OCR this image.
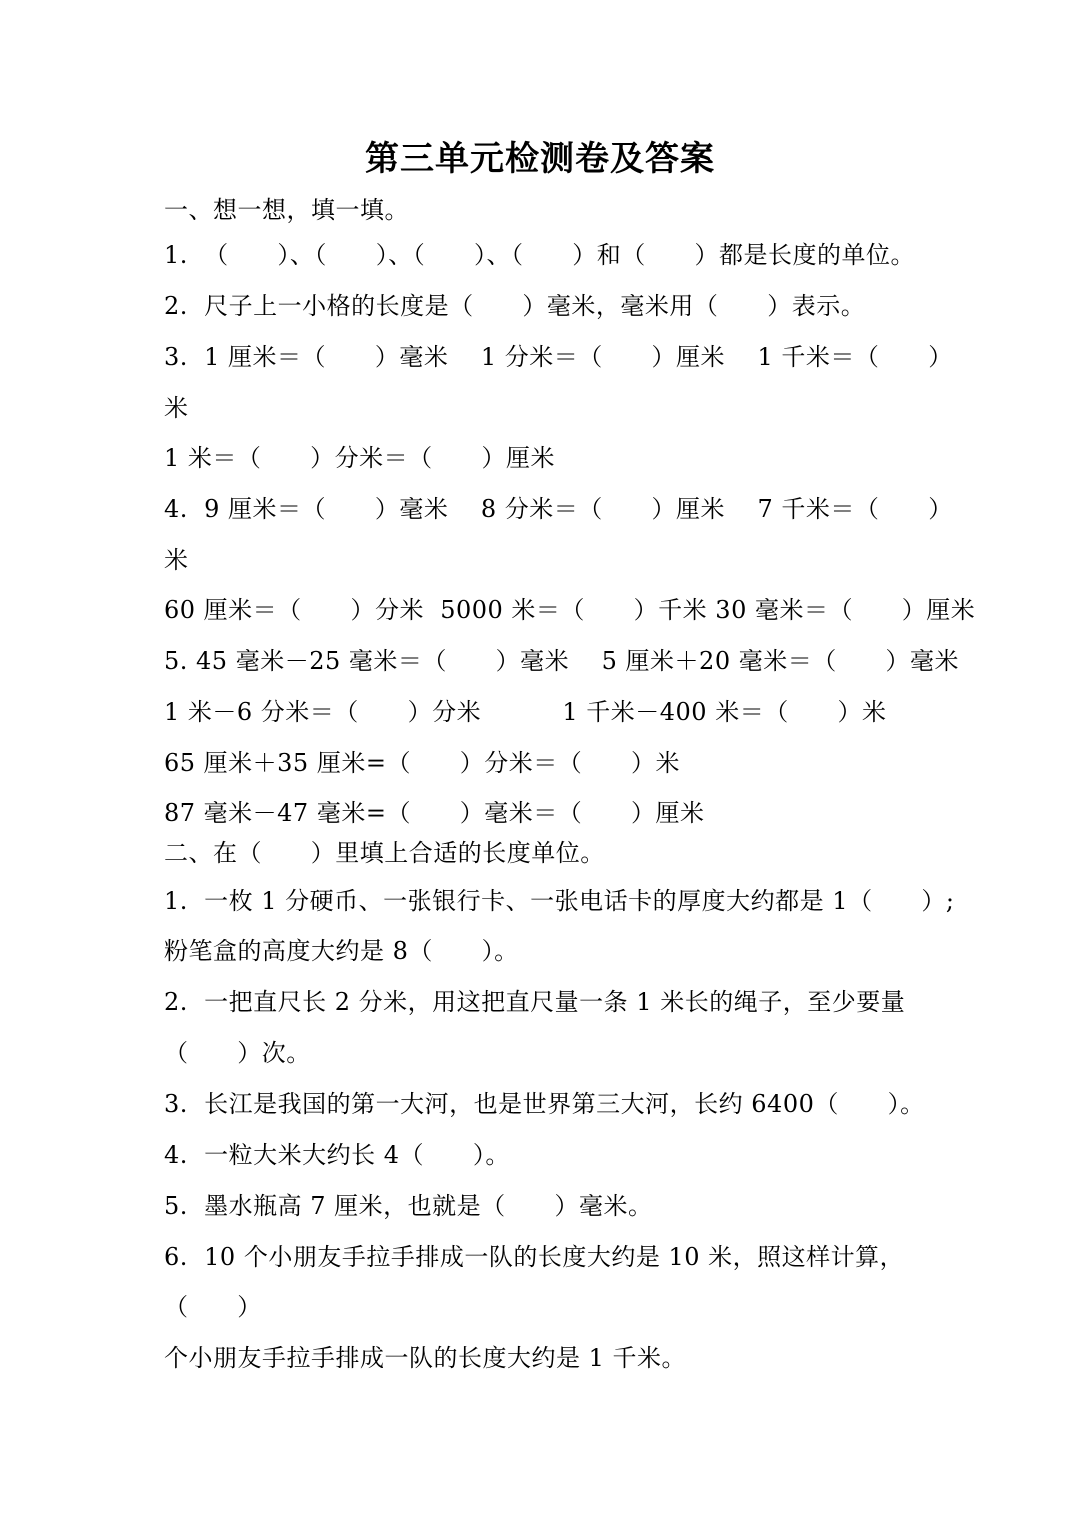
第三单元检测卷及答案
一、想一想，填一填。
1.  （      ）、（      ）、（      ）、（      ）和（      ）都是长度的单位。
2.  尺子上一小格的长度是（      ）毫米，毫米用（      ）表示。
3.  1 厘米＝（      ）毫米    1 分米＝（      ）厘米    1 千米＝（      ）
米
1 米＝（      ）分米＝（      ）厘米
4.  9 厘米＝（      ）毫米    8 分米＝（      ）厘米    7 千米＝（      ）
米
60 厘米＝（      ）分米  5000 米＝（      ）千米 30 毫米＝（      ）厘米
5. 45 毫米－25 毫米＝（      ）毫米    5 厘米＋20 毫米＝（      ）毫米
1 米－6 分米＝（      ）分米          1 千米－400 米＝（      ）米
65 厘米＋35 厘米=（      ）分米＝（      ）米
87 毫米－47 毫米=（      ）毫米＝（      ）厘米
二、在（      ）里填上合适的长度单位。
1.  一枚 1 分硬币、一张银行卡、一张电话卡的厚度大约都是 1（      ）;
粉笔盒的高度大约是 8（      ）。
2.  一把直尺长 2 分米，用这把直尺量一条 1 米长的绳子，至少要量
（      ）次。
3.  长江是我国的第一大河，也是世界第三大河，长约 6400（      ）。
4.  一粒大米大约长 4（      ）。
5.  墨水瓶高 7 厘米，也就是（      ）毫米。
6.  10 个小朋友手拉手排成一队的长度大约是 10 米，照这样计算，
（      ）
个小朋友手拉手排成一队的长度大约是 1 千米。
